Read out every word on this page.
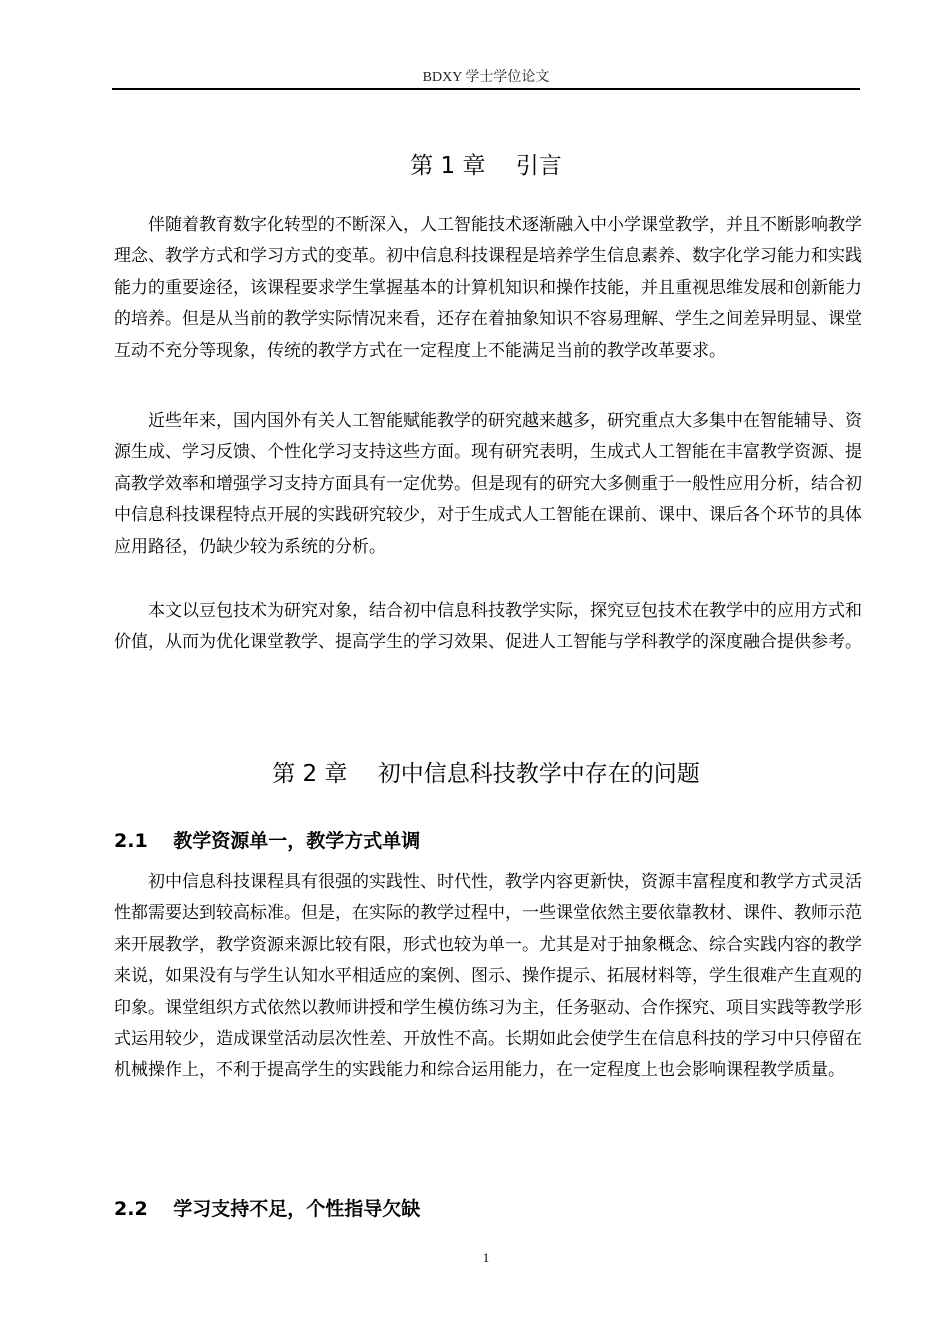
BDXY 学士学位论文
第 1 章　 引言

伴随着教育数字化转型的不断深入，人工智能技术逐渐融入中小学课堂教学，并且不断影响教学理念、教学方式和学习方式的变革。初中信息科技课程是培养学生信息素养、数字化学习能力和实践能力的重要途径，该课程要求学生掌握基本的计算机知识和操作技能，并且重视思维发展和创新能力的培养。但是从当前的教学实际情况来看，还存在着抽象知识不容易理解、学生之间差异明显、课堂互动不充分等现象，传统的教学方式在一定程度上不能满足当前的教学改革要求。

近些年来，国内国外有关人工智能赋能教学的研究越来越多，研究重点大多集中在智能辅导、资源生成、学习反馈、个性化学习支持这些方面。现有研究表明，生成式人工智能在丰富教学资源、提高教学效率和增强学习支持方面具有一定优势。但是现有的研究大多侧重于一般性应用分析，结合初中信息科技课程特点开展的实践研究较少，对于生成式人工智能在课前、课中、课后各个环节的具体应用路径，仍缺少较为系统的分析。

本文以豆包技术为研究对象，结合初中信息科技教学实际，探究豆包技术在教学中的应用方式和价值，从而为优化课堂教学、提高学生的学习效果、促进人工智能与学科教学的深度融合提供参考。

第 2 章　 初中信息科技教学中存在的问题
2.1　 教学资源单一，教学方式单调

初中信息科技课程具有很强的实践性、时代性，教学内容更新快，资源丰富程度和教学方式灵活性都需要达到较高标准。但是，在实际的教学过程中，一些课堂依然主要依靠教材、课件、教师示范来开展教学，教学资源来源比较有限，形式也较为单一。尤其是对于抽象概念、综合实践内容的教学来说，如果没有与学生认知水平相适应的案例、图示、操作提示、拓展材料等，学生很难产生直观的印象。课堂组织方式依然以教师讲授和学生模仿练习为主，任务驱动、合作探究、项目实践等教学形式运用较少，造成课堂活动层次性差、开放性不高。长期如此会使学生在信息科技的学习中只停留在机械操作上，不利于提高学生的实践能力和综合运用能力，在一定程度上也会影响课程教学质量。

2.2　 学习支持不足，个性指导欠缺
1
